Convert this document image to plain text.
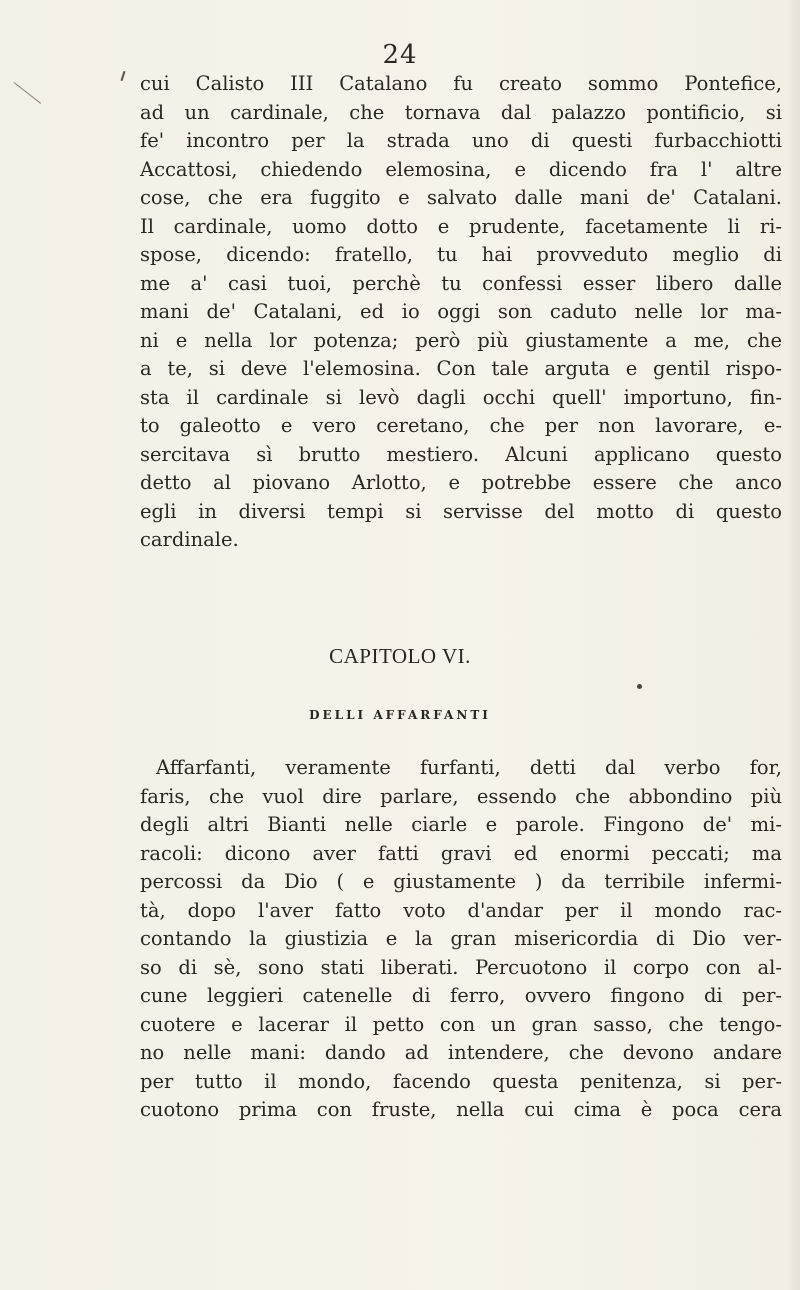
24
cui Calisto III Catalano fu creato sommo Pontefice,
ad un cardinale, che tornava dal palazzo pontificio, si
fe' incontro per la strada uno di questi furbacchiotti
Accattosi, chiedendo elemosina, e dicendo fra l' altre
cose, che era fuggito e salvato dalle mani de' Catalani.
Il cardinale, uomo dotto e prudente, facetamente li ri-
spose, dicendo: fratello, tu hai provveduto meglio di
me a' casi tuoi, perchè tu confessi esser libero dalle
mani de' Catalani, ed io oggi son caduto nelle lor ma-
ni e nella lor potenza; però più giustamente a me, che
a te, si deve l'elemosina. Con tale arguta e gentil rispo-
sta il cardinale si levò dagli occhi quell' importuno, fin-
to galeotto e vero ceretano, che per non lavorare, e-
sercitava sì brutto mestiero. Alcuni applicano questo
detto al piovano Arlotto, e potrebbe essere che anco
egli in diversi tempi si servisse del motto di questo
cardinale.
CAPITOLO VI.
DELLI AFFARFANTI
Affarfanti, veramente furfanti, detti dal verbo for,
faris, che vuol dire parlare, essendo che abbondino più
degli altri Bianti nelle ciarle e parole. Fingono de' mi-
racoli: dicono aver fatti gravi ed enormi peccati; ma
percossi da Dio ( e giustamente ) da terribile infermi-
tà, dopo l'aver fatto voto d'andar per il mondo rac-
contando la giustizia e la gran misericordia di Dio ver-
so di sè, sono stati liberati. Percuotono il corpo con al-
cune leggieri catenelle di ferro, ovvero fingono di per-
cuotere e lacerar il petto con un gran sasso, che tengo-
no nelle mani: dando ad intendere, che devono andare
per tutto il mondo, facendo questa penitenza, si per-
cuotono prima con fruste, nella cui cima è poca cera
